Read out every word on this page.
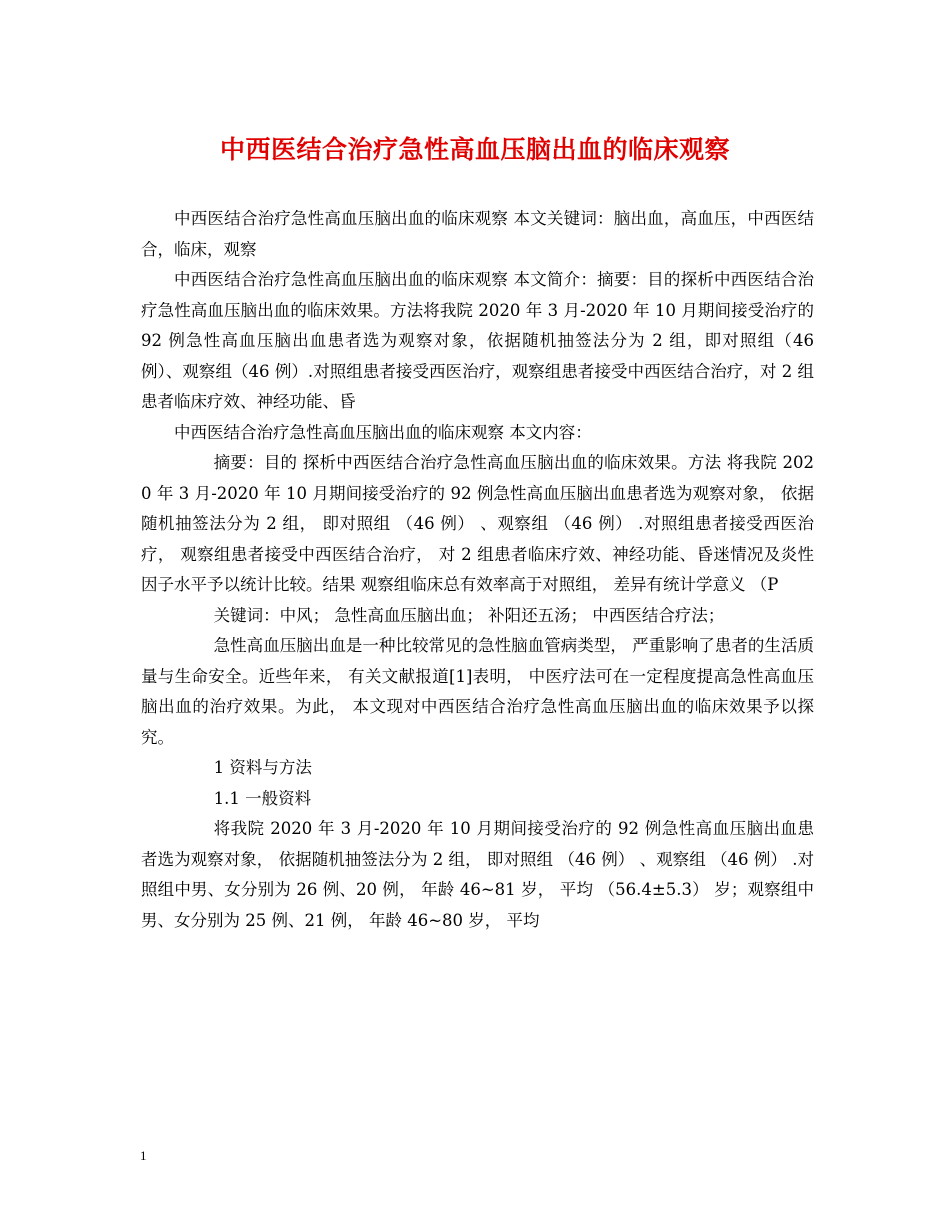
中西医结合治疗急性高血压脑出血的临床观察

中西医结合治疗急性高血压脑出血的临床观察 本文关键词：脑出血，高血压，中西医结合，临床，观察

中西医结合治疗急性高血压脑出血的临床观察 本文简介：摘要：目的探析中西医结合治疗急性高血压脑出血的临床效果。方法将我院 2020 年 3 月-2020 年 10 月期间接受治疗的 92 例急性高血压脑出血患者选为观察对象，依据随机抽签法分为 2 组，即对照组（46 例）、观察组（46 例）.对照组患者接受西医治疗，观察组患者接受中西医结合治疗，对 2 组患者临床疗效、神经功能、昏

中西医结合治疗急性高血压脑出血的临床观察 本文内容：

摘要：目的 探析中西医结合治疗急性高血压脑出血的临床效果。方法 将我院 2020 年 3 月-2020 年 10 月期间接受治疗的 92 例急性高血压脑出血患者选为观察对象， 依据随机抽签法分为 2 组， 即对照组 （46 例） 、观察组 （46 例） .对照组患者接受西医治疗， 观察组患者接受中西医结合治疗， 对 2 组患者临床疗效、神经功能、昏迷情况及炎性因子水平予以统计比较。结果 观察组临床总有效率高于对照组， 差异有统计学意义 （P

关键词：中风； 急性高血压脑出血； 补阳还五汤； 中西医结合疗法；

急性高血压脑出血是一种比较常见的急性脑血管病类型， 严重影响了患者的生活质量与生命安全。近些年来， 有关文献报道[1]表明， 中医疗法可在一定程度提高急性高血压脑出血的治疗效果。为此， 本文现对中西医结合治疗急性高血压脑出血的临床效果予以探究。

1 资料与方法

1.1 一般资料

将我院 2020 年 3 月-2020 年 10 月期间接受治疗的 92 例急性高血压脑出血患者选为观察对象， 依据随机抽签法分为 2 组， 即对照组 （46 例） 、观察组 （46 例） .对照组中男、女分别为 26 例、20 例， 年龄 46~81 岁， 平均 （56.4±5.3） 岁；观察组中男、女分别为 25 例、21 例， 年龄 46~80 岁， 平均

1
